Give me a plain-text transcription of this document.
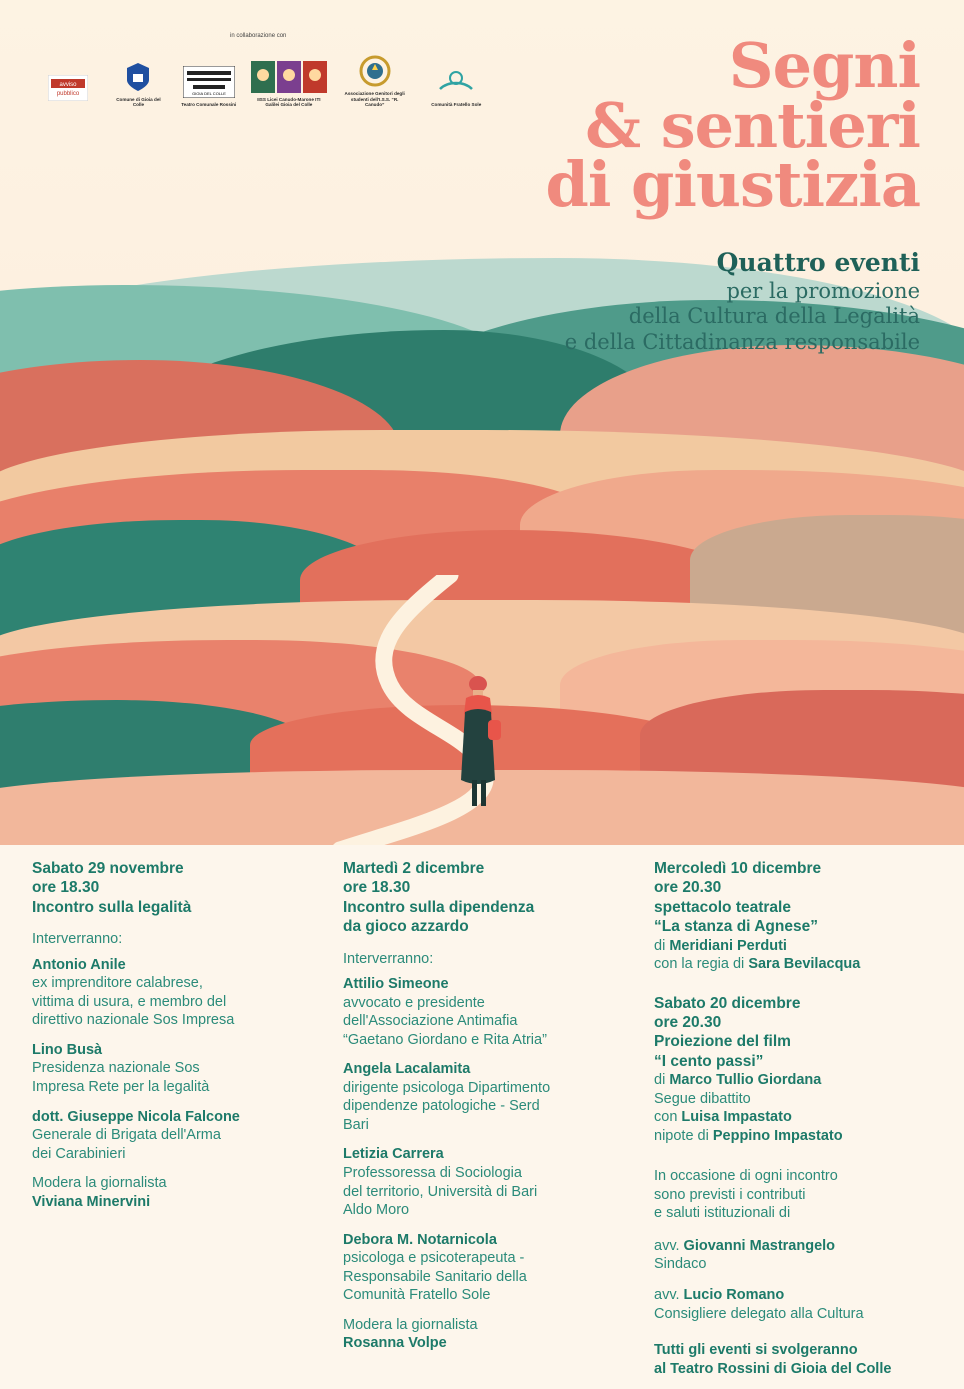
in collaborazione con
avviso
pubblico
Comune di Gioia del Colle
GIOIA DEL COLLE
Teatro Comunale Rossini
IISS Licei Canudo-Marone ITI Galilei Gioia del Colle
Associazione Genitori degli studenti dell'I.S.S. “R. Canudo”	Comunità Fratello Sole
Segni
& sentieri
di giustizia
Quattro eventi
per la promozione
della Cultura della Legalità
e della Cittadinanza responsabile
Sabato 29 novembre
ore 18.30
Incontro sulla legalità
Interverranno:
Antonio Anile
ex imprenditore calabrese,
vittima di usura, e membro del
direttivo nazionale Sos Impresa
Lino Busà
Presidenza nazionale Sos
Impresa Rete per la legalità
dott. Giuseppe Nicola Falcone
Generale di Brigata dell'Arma
dei Carabinieri
Modera la giornalista
Viviana Minervini
Martedì 2 dicembre
ore 18.30
Incontro sulla dipendenza
da gioco azzardo
Interverranno:
Attilio Simeone
avvocato e presidente
dell'Associazione Antimafia
“Gaetano Giordano e Rita Atria”
Angela Lacalamita
dirigente psicologa Dipartimento
dipendenze patologiche - Serd
Bari
Letizia Carrera
Professoressa di Sociologia
del territorio, Università di Bari
Aldo Moro
Debora M. Notarnicola
psicologa e psicoterapeuta -
Responsabile Sanitario della
Comunità Fratello Sole
Modera la giornalista
Rosanna Volpe
Mercoledì 10 dicembre
ore 20.30
spettacolo teatrale
“La stanza di Agnese”
di Meridiani Perduti
con la regia di Sara Bevilacqua
Sabato 20 dicembre
ore 20.30
Proiezione del film
“I cento passi”
di Marco Tullio Giordana
Segue dibattito
con Luisa Impastato
nipote di Peppino Impastato
In occasione di ogni incontro
sono previsti i contributi
e saluti istituzionali di
avv. Giovanni Mastrangelo
Sindaco
avv. Lucio Romano
Consigliere delegato alla Cultura
Tutti gli eventi si svolgeranno
al Teatro Rossini di Gioia del Colle
